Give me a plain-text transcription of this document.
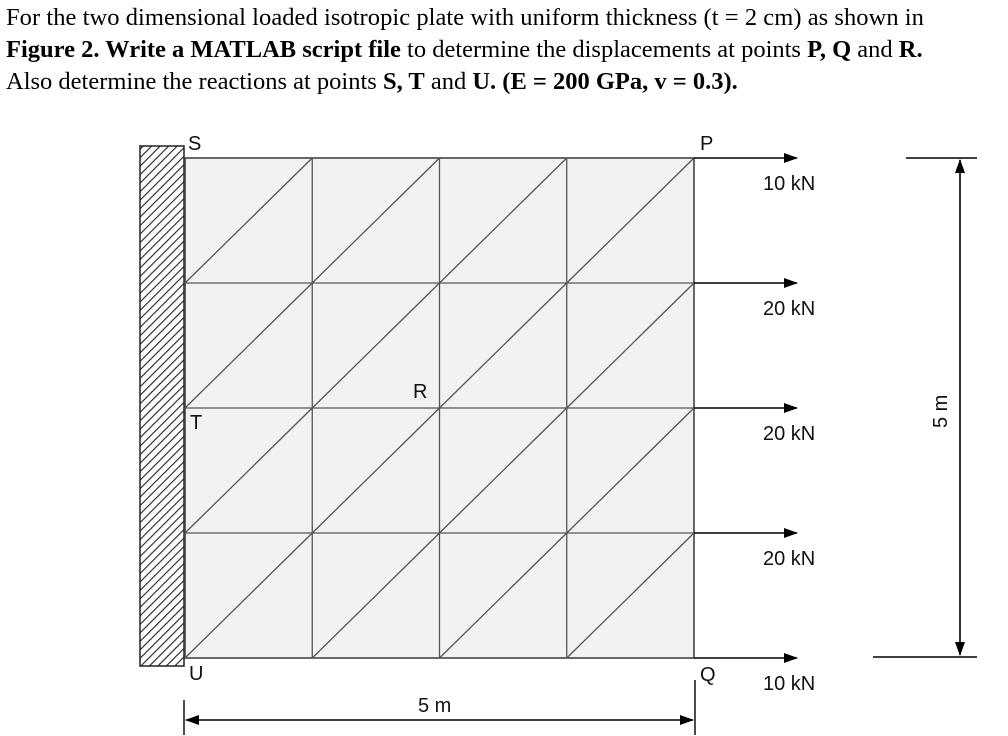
For the two dimensional loaded isotropic plate with uniform thickness (t = 2 cm) as shown in
Figure 2. Write a MATLAB script file to determine the displacements at points P, Q and R.
Also determine the reactions at points S, T and U. (E = 200 GPa, v = 0.3).
S	P
R
T
U	Q
10 kN
20 kN
20 kN
20 kN
10 kN
5 m
5 m
